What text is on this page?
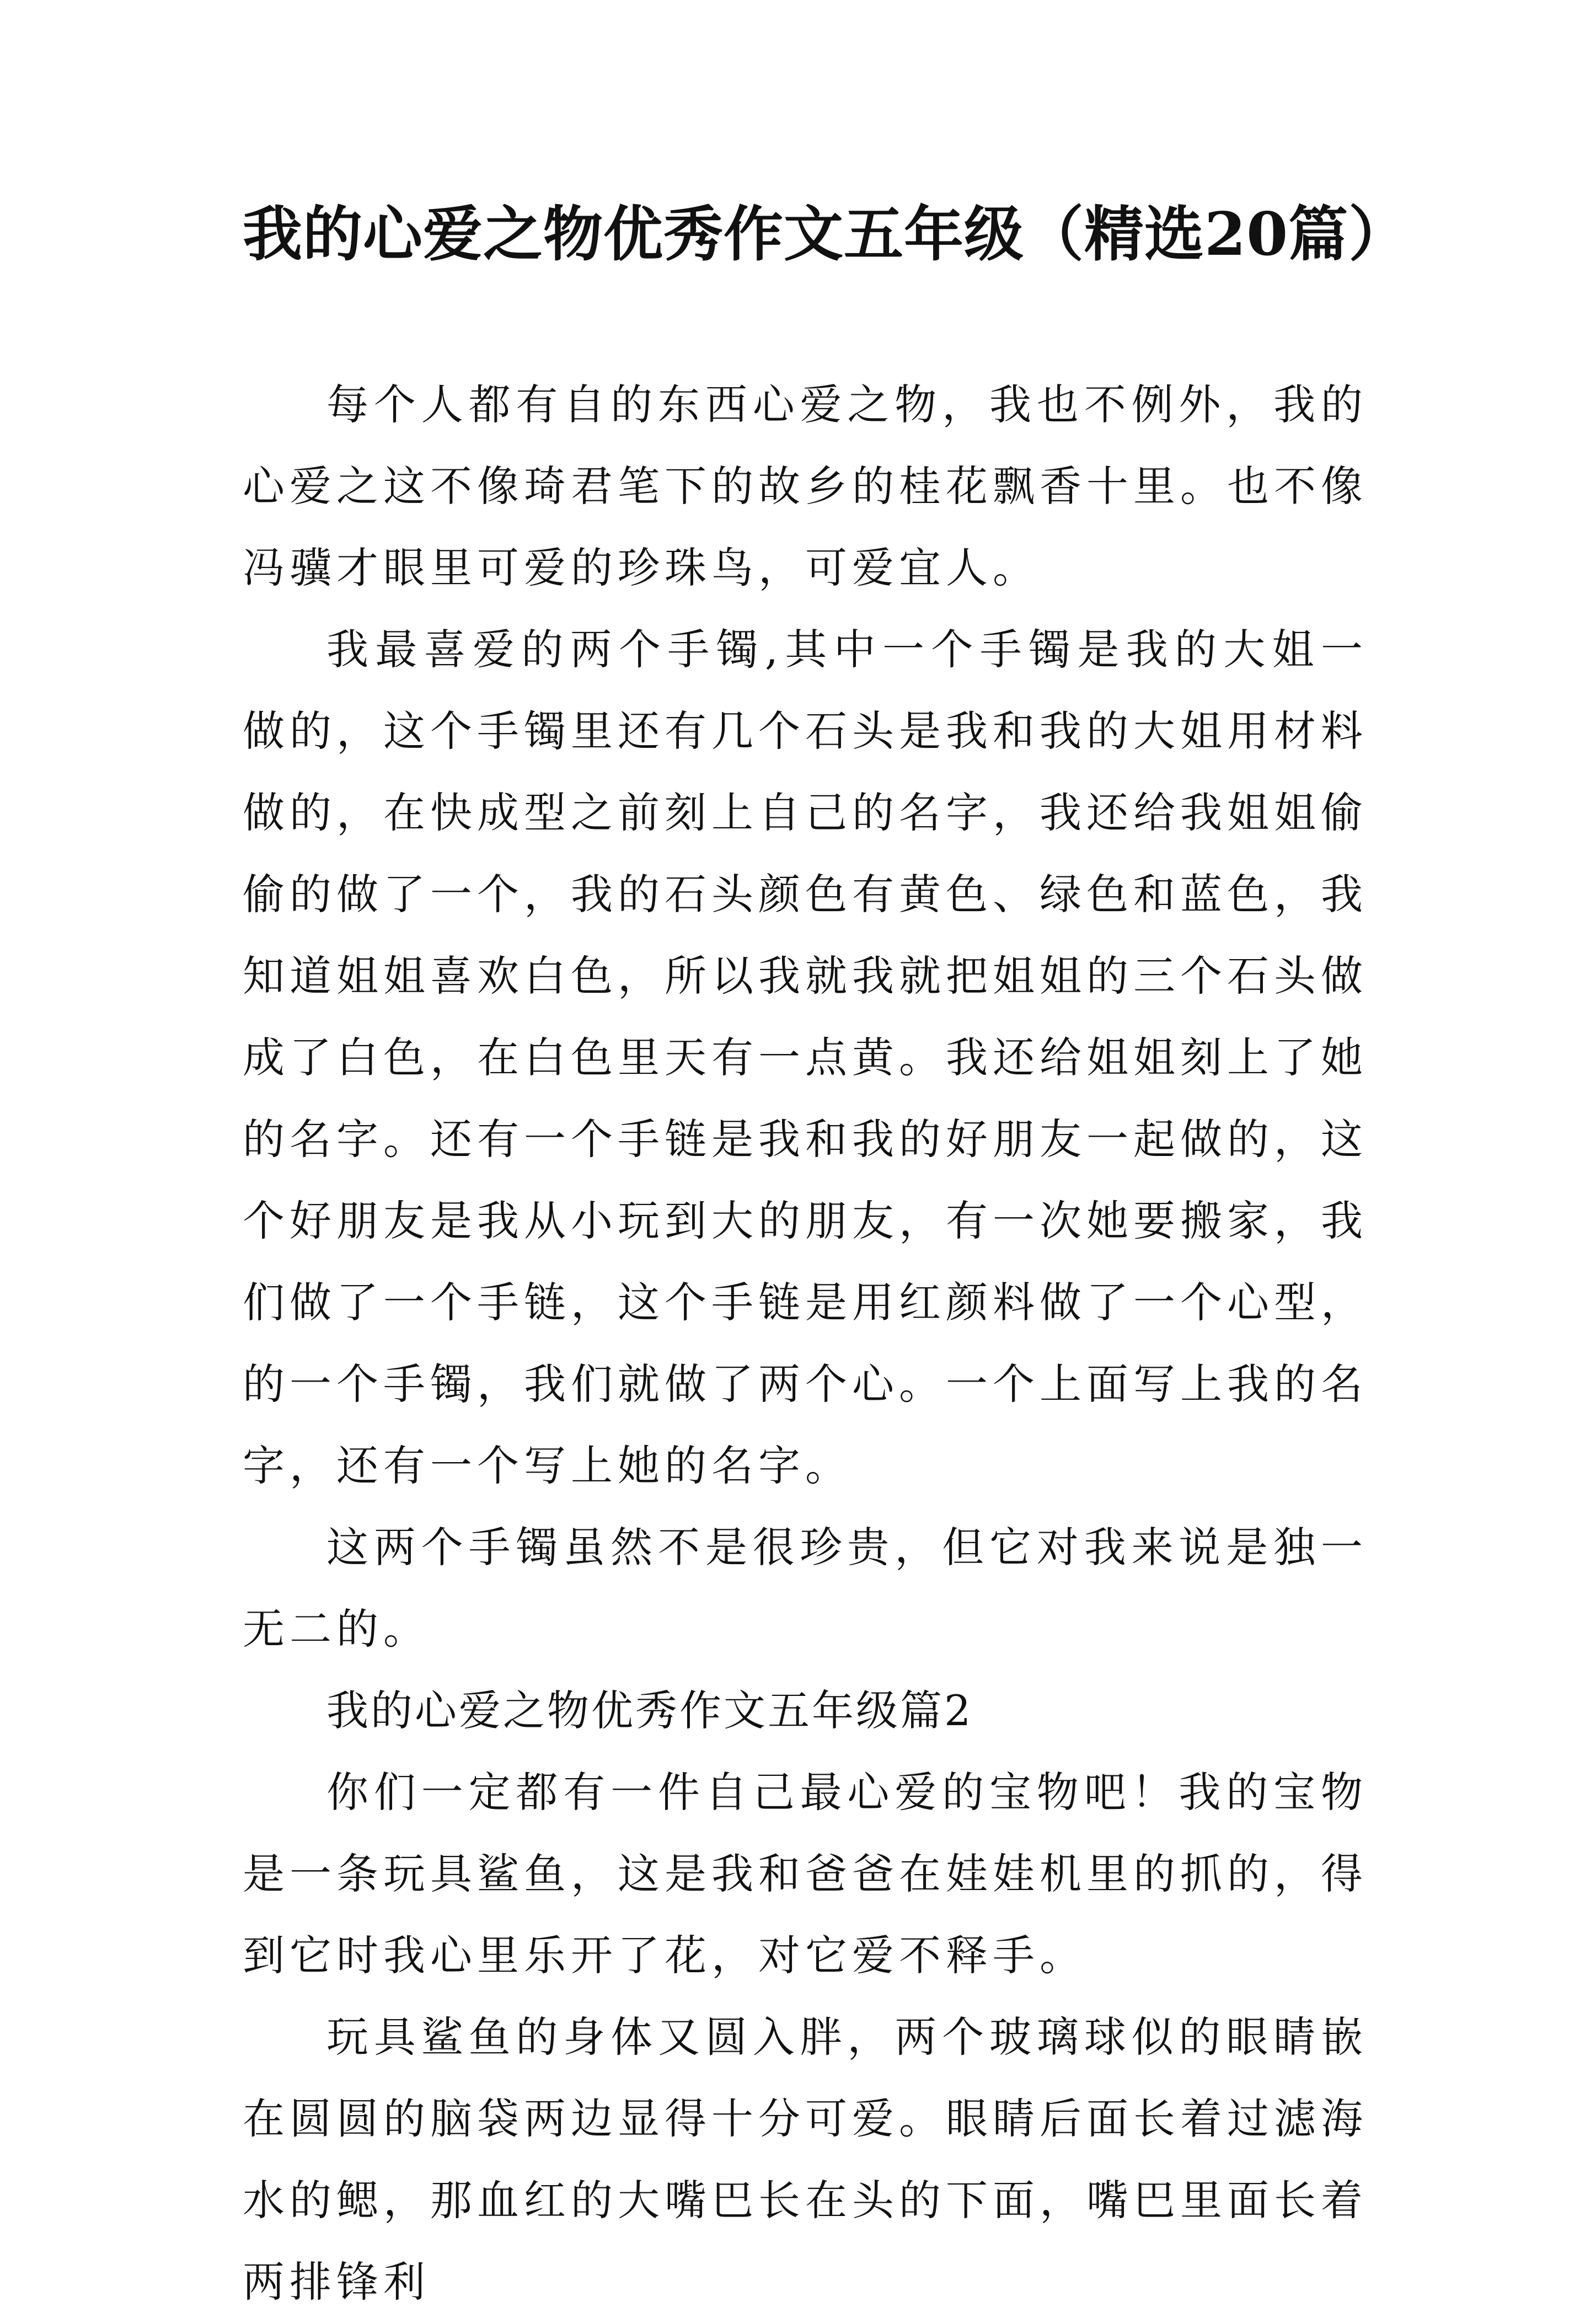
我的心爱之物优秀作文五年级（精选20篇）

每个人都有自的东西心爱之物，我也不例外，我的心爱之这不像琦君笔下的故乡的桂花飘香十里。也不像冯骥才眼里可爱的珍珠鸟，可爱宜人。

我最喜爱的两个手镯,其中一个手镯是我的大姐一做的，这个手镯里还有几个石头是我和我的大姐用材料做的，在快成型之前刻上自己的名字，我还给我姐姐偷偷的做了一个，我的石头颜色有黄色、绿色和蓝色，我知道姐姐喜欢白色，所以我就我就把姐姐的三个石头做成了白色，在白色里天有一点黄。我还给姐姐刻上了她的名字。还有一个手链是我和我的好朋友一起做的，这个好朋友是我从小玩到大的朋友，有一次她要搬家，我们做了一个手链，这个手链是用红颜料做了一个心型，的一个手镯，我们就做了两个心。一个上面写上我的名字，还有一个写上她的名字。

这两个手镯虽然不是很珍贵，但它对我来说是独一无二的。

我的心爱之物优秀作文五年级篇2

你们一定都有一件自己最心爱的宝物吧！我的宝物是一条玩具鲨鱼，这是我和爸爸在娃娃机里的抓的，得到它时我心里乐开了花，对它爱不释手。

玩具鲨鱼的身体又圆入胖，两个玻璃球似的眼睛嵌在圆圆的脑袋两边显得十分可爱。眼睛后面长着过滤海水的鳃，那血红的大嘴巴长在头的下面，嘴巴里面长着两排锋利
